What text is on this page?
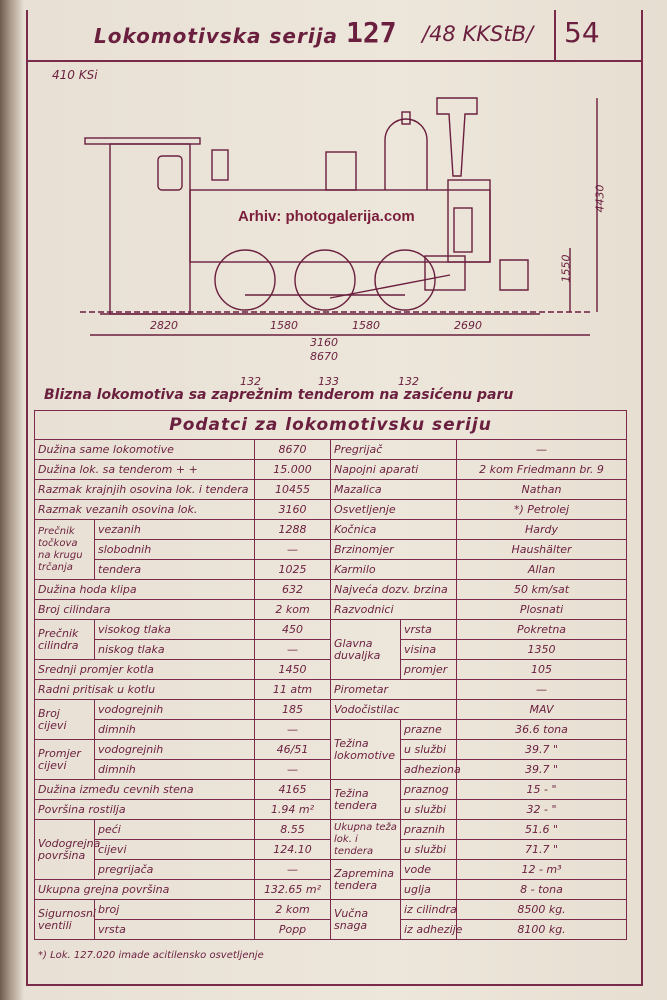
Lokomotivska serija 127 /48 KKStB/ 54
410 KSi
Arhiv: photogalerija.com
2820	1580	1580	2690
3160
8670
132	133	132
4430
1550
Blizna lokomotiva sa zaprežnim tenderom na zasićenu paru
Podatci za lokomotivsku seriju					
Dužina same lokomotive		8670	Pregrijač		—
Dužina lok. sa tenderom + +		15.000	Napojni aparati		2 kom Friedmann br. 9
Razmak krajnjih osovina lok. i tendera		10455	Mazalica		Nathan
Razmak vezanih osovina lok.		3160	Osvetljenje		*) Petrolej
Prečnik točkova na krugu trčanja	vezanih	1288	Kočnica		Hardy
	slobodnih	—	Brzinomjer		Haushälter
	tendera	1025	Karmilo		Allan
Dužina hoda klipa		632	Najveća dozv. brzina		50 km/sat
Broj cilindara		2 kom	Razvodnici		Plosnati
Prečnik cilindra	visokog tlaka	450	Glavna duvaljka	vrsta	Pokretna
	niskog tlaka	—		visina	1350
Srednji promjer kotla		1450		promjer	105
Radni pritisak u kotlu		11 atm	Pirometar		—
Broj cijevi	vodogrejnih	185	Vodočistilac		MAV
	dimnih	—	Težina lokomotive	prazne	36.6 tona
Promjer cijevi	vodogrejnih	46/51		u službi	39.7 "
	dimnih	—		adheziona	39.7 "
Dužina između cevnih stena		4165	Težina tendera	praznog	15 - "
Površina rostilja		1.94 m²		u službi	32 - "
Vodogrejna površina	peći	8.55	Ukupna teža lok. i tendera	praznih	51.6 "
	cijevi	124.10		u službi	71.7 "
	pregrijača	—	Zapremina tendera	vode	12 - m³
Ukupna grejna površina		132.65 m²		uglja	8 - tona
Sigurnosni ventili	broj	2 kom	Vučna snaga	iz cilindra	8500 kg.
	vrsta	Popp		iz adhezije	8100 kg.
*) Lok. 127.020 imade acitilensko osvetljenje
